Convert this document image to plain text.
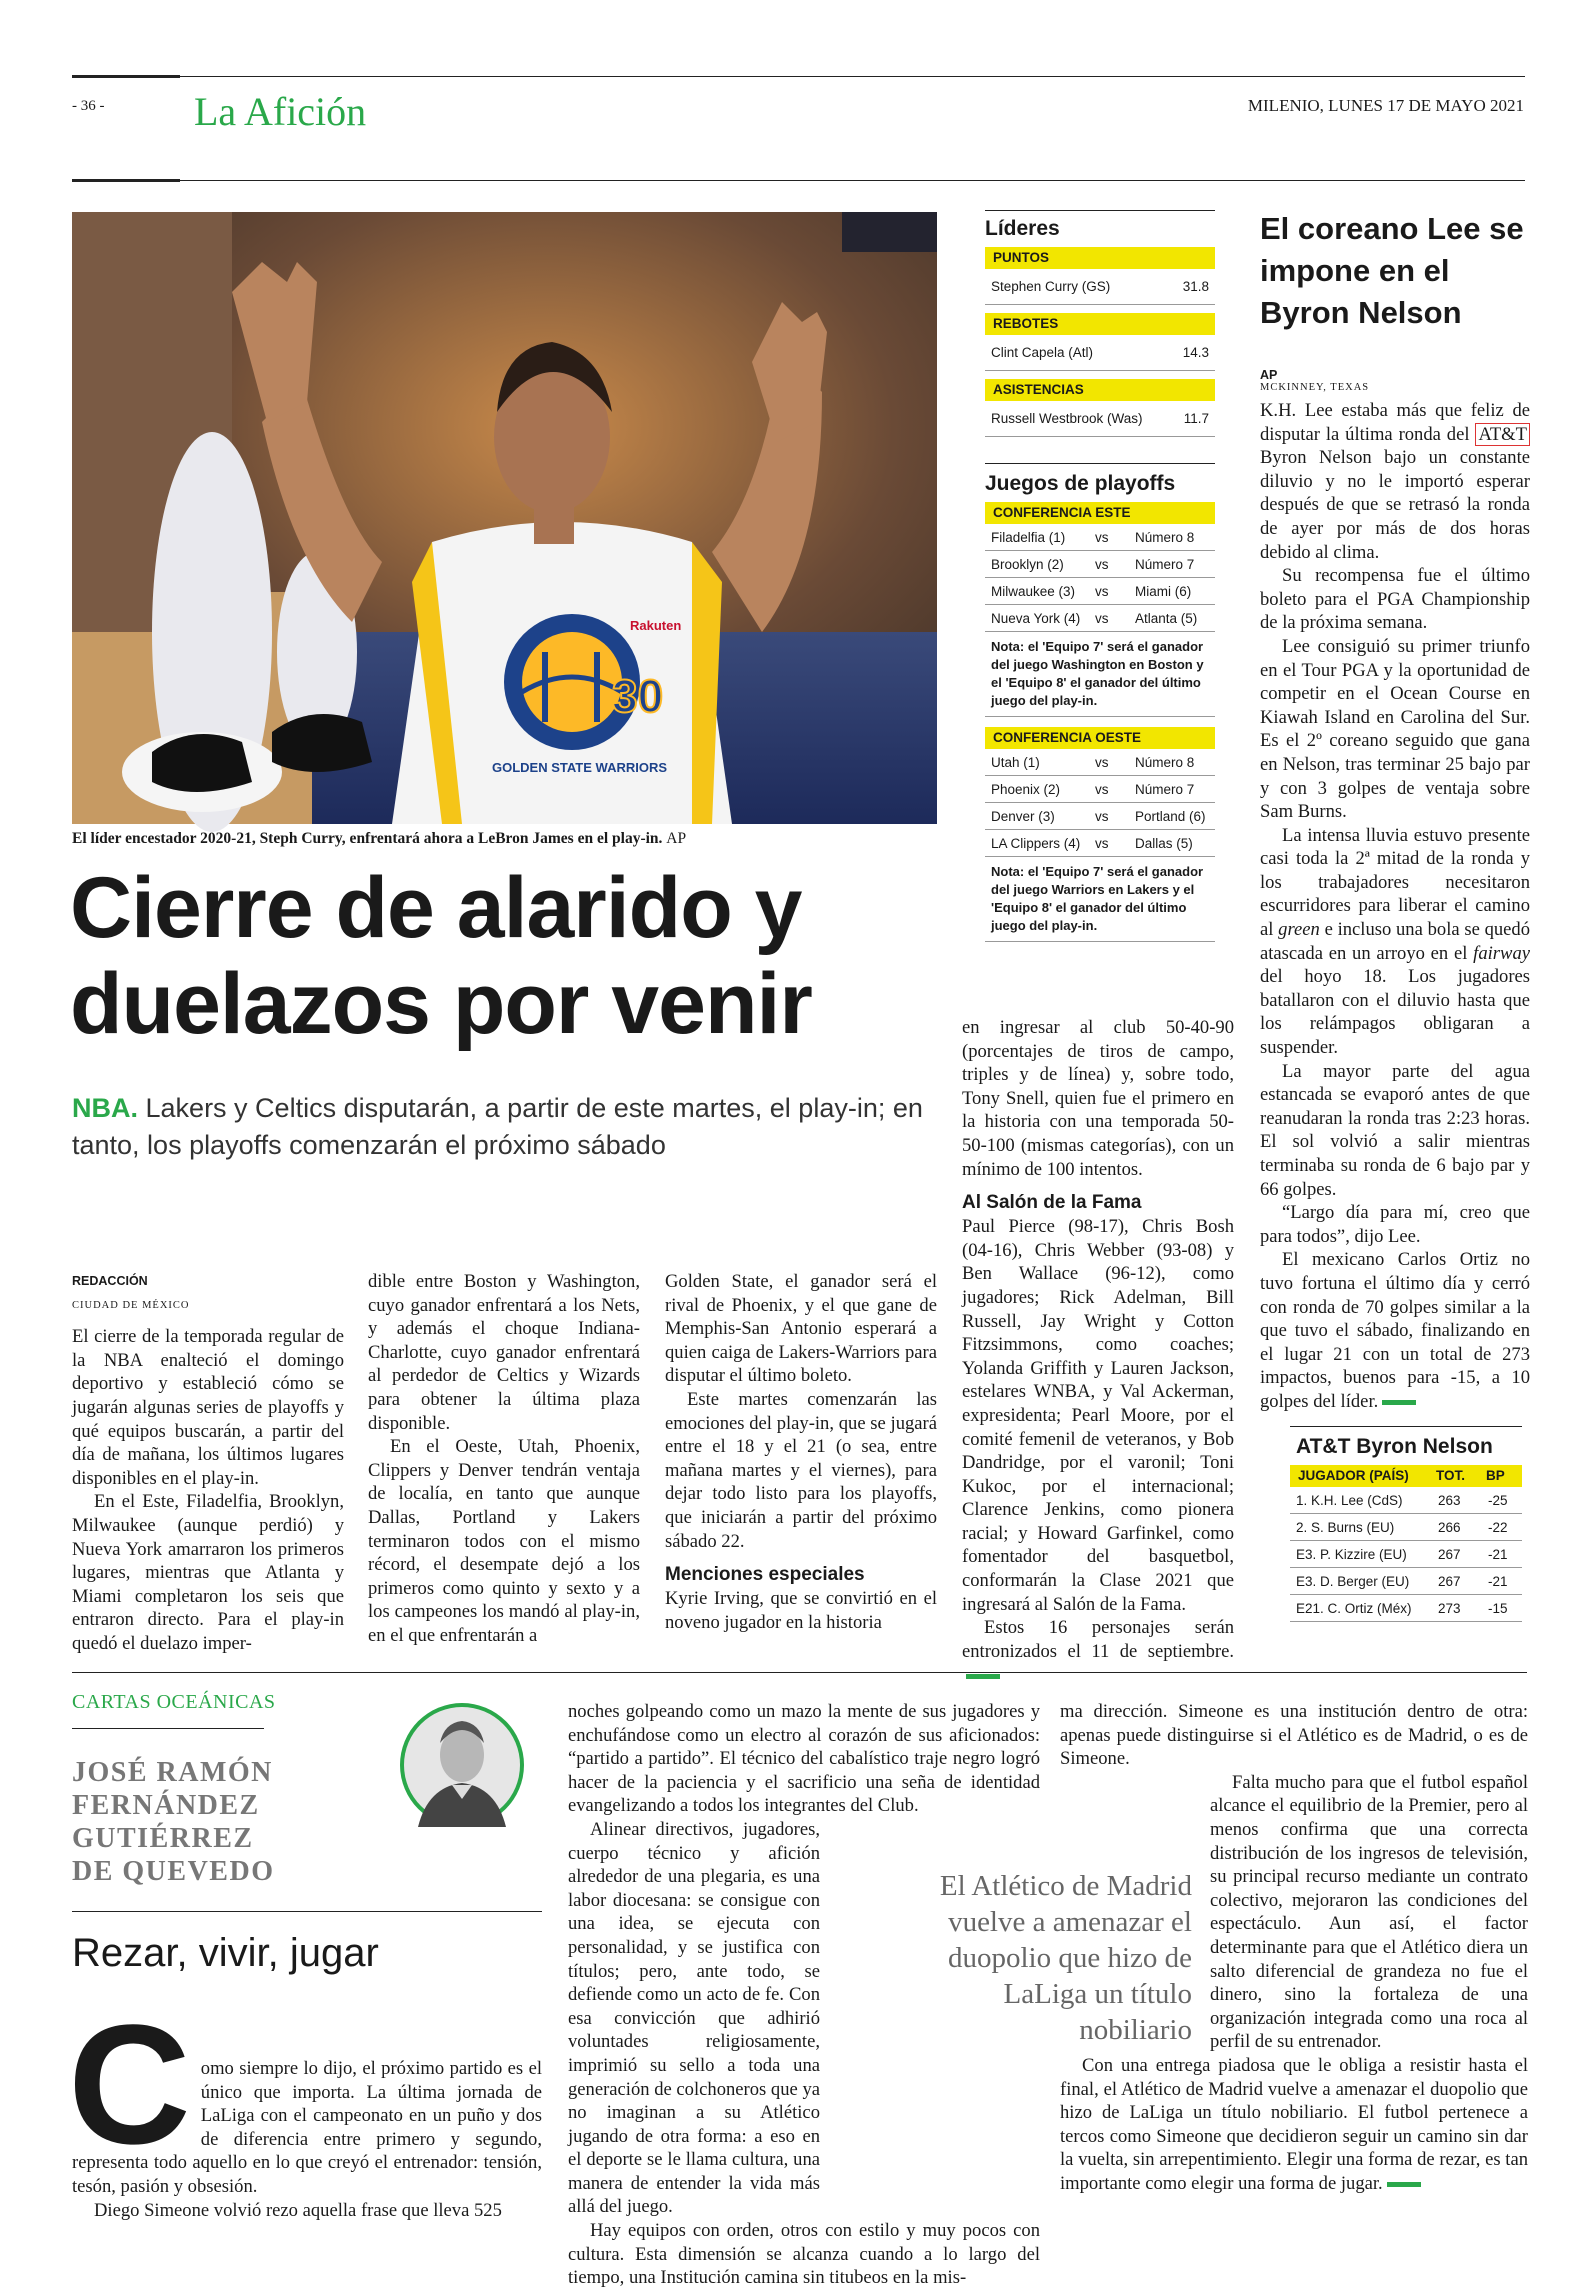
- 36 - La Afición	MILENIO, LUNES 17 DE MAYO 2021
Rakuten
30
GOLDEN STATE WARRIORS
El líder encestador 2020-21, Steph Curry, enfrentará ahora a LeBron James en el play-in. AP
Cierre de alarido y
duelazos por venir
NBA. Lakers y Celtics disputarán, a partir de este martes, el play-in; en tanto, los playoffs comenzarán el próximo sábado
REDACCIÓN
CIUDAD DE MÉXICO

El cierre de la temporada regular de la NBA enalteció el domingo deportivo y estableció cómo se jugarán algunas series de playoffs y qué equipos buscarán, a partir del día de mañana, los últimos lugares disponibles en el play-in.

En el Este, Filadelfia, Brooklyn, Milwaukee (aunque perdió) y Nueva York amarraron los primeros lugares, mientras que Atlanta y Miami completaron los seis que entraron directo. Para el play-in quedó el duelazo imper-

dible entre Boston y Washington, cuyo ganador enfrentará a los Nets, y además el choque Indiana-Charlotte, cuyo ganador enfrentará al perdedor de Celtics y Wizards para obtener la última plaza disponible.

En el Oeste, Utah, Phoenix, Clippers y Denver tendrán ventaja de localía, en tanto que aunque Dallas, Portland y Lakers terminaron todos con el mismo récord, el desempate dejó a los primeros como quinto y sexto y a los campeones los mandó al play-in, en el que enfrentarán a

Golden State, el ganador será el rival de Phoenix, y el que gane de Memphis-San Antonio esperará a quien caiga de Lakers-Warriors para disputar el último boleto.

Este martes comenzarán las emociones del play-in, que se jugará entre el 18 y el 21 (o sea, entre mañana martes y el viernes), para dejar todo listo para los playoffs, que iniciarán a partir del próximo sábado 22.

Menciones especiales

Kyrie Irving, que se convirtió en el noveno jugador en la historia

en ingresar al club 50-40-90 (porcentajes de tiros de campo, triples y de línea) y, sobre todo, Tony Snell, quien fue el primero en la historia con una temporada 50-50-100 (mismas categorías), con un mínimo de 100 intentos.

Al Salón de la Fama

Paul Pierce (98-17), Chris Bosh (04-16), Chris Webber (93-08) y Ben Wallace (96-12), como jugadores; Rick Adelman, Bill Russell, Jay Wright y Cotton Fitzsimmons, como coaches; Yolanda Griffith y Lauren Jackson, estelares WNBA, y Val Ackerman, expresidenta; Pearl Moore, por el comité femenil de veteranos, y Bob Dandridge, por el varonil; Toni Kukoc, por el internacional; Clarence Jenkins, como pionera racial; y Howard Garfinkel, como fomentador del basquetbol, conformarán la Clase 2021 que ingresará al Salón de la Fama.

Estos 16 personajes serán entronizados el 11 de septiembre.

Líderes
PUNTOS
Stephen Curry (GS)	31.8
REBOTES
Clint Capela (Atl)	14.3
ASISTENCIAS
Russell Westbrook (Was)	11.7
Juegos de playoffs
CONFERENCIA ESTE
Filadelfia (1)	vs	Número 8
Brooklyn (2)	vs	Número 7
Milwaukee (3)	vs	Miami (6)
Nueva York (4)	vs	Atlanta (5)
Nota: el 'Equipo 7' será el ganador del juego Washington en Boston y el 'Equipo 8' el ganador del último juego del play-in.
CONFERENCIA OESTE
Utah (1)	vs	Número 8
Phoenix (2)	vs	Número 7
Denver (3)	vs	Portland (6)
LA Clippers (4)	vs	Dallas (5)
Nota: el 'Equipo 7' será el ganador del juego Warriors en Lakers y el 'Equipo 8' el ganador del último juego del play-in.
El coreano Lee se impone en el Byron Nelson
AP
MCKINNEY, TEXAS

K.H. Lee estaba más que feliz de disputar la última ronda del AT&T Byron Nelson bajo un constante diluvio y no le importó esperar después de que se retrasó la ronda de ayer por más de dos horas debido al clima.

Su recompensa fue el último boleto para el PGA Championship de la próxima semana.

Lee consiguió su primer triunfo en el Tour PGA y la oportunidad de competir en el Ocean Course en Kiawah Island en Carolina del Sur. Es el 2º coreano seguido que gana en Nelson, tras terminar 25 bajo par y con 3 golpes de ventaja sobre Sam Burns.

La intensa lluvia estuvo presente casi toda la 2ª mitad de la ronda y los trabajadores necesitaron escurridores para liberar el camino al green e incluso una bola se quedó atascada en un arroyo en el fairway del hoyo 18. Los jugadores batallaron con el diluvio hasta que los relámpagos obligaran a suspender.

La mayor parte del agua estancada se evaporó antes de que reanudaran la ronda tras 2:23 horas. El sol volvió a salir mientras terminaba su ronda de 6 bajo par y 66 golpes.

“Largo día para mí, creo que para todos”, dijo Lee.

El mexicano Carlos Ortiz no tuvo fortuna el último día y cerró con ronda de 70 golpes similar a la que tuvo el sábado, finalizando en el lugar 21 con un total de 273 impactos, buenos para -15, a 10 golpes del líder.

AT&T Byron Nelson
JUGADOR (PAÍS)	TOT.	BP
1. K.H. Lee (CdS)	263	-25
2. S. Burns (EU)	266	-22
E3. P. Kizzire (EU)	267	-21
E3. D. Berger (EU)	267	-21
E21. C. Ortiz (Méx)	273	-15
CARTAS OCEÁNICAS
JOSÉ RAMÓN
FERNÁNDEZ
GUTIÉRREZ
DE QUEVEDO
Rezar, vivir, jugar
C omo siempre lo dijo, el próximo partido es el único que importa. La última jornada de LaLiga con el campeonato en un puño y dos de diferencia entre primero y segundo, representa todo aquello en lo que creyó el entrenador: tensión, tesón, pasión y obsesión.

Diego Simeone volvió rezo aquella frase que lleva 525

noches golpeando como un mazo la mente de sus jugadores y enchufándose como un electro al corazón de sus aficionados: “partido a partido”. El técnico del cabalístico traje negro logró hacer de la paciencia y el sacrificio una seña de identidad evangelizando a todos los integrantes del Club.

Alinear directivos, jugadores, cuerpo técnico y afición alrededor de una plegaria, es una labor diocesana: se consigue con una idea, se ejecuta con personalidad, y se justifica con títulos; pero, ante todo, se defiende como un acto de fe. Con esa convicción que adhirió voluntades religiosamente, imprimió su sello a toda una generación de colchoneros que ya no imaginan a su Atlético jugando de otra forma: a eso en el deporte se le llama cultura, una manera de entender la vida más allá del juego.

Hay equipos con orden, otros con estilo y muy pocos con cultura. Esta dimensión se alcanza cuando a lo largo del tiempo, una Institución camina sin titubeos en la mis-

El Atlético de Madrid vuelve a amenazar el duopolio que hizo de LaLiga un título nobiliario

ma dirección. Simeone es una institución dentro de otra: apenas puede distinguirse si el Atlético es de Madrid, o es de Simeone.

Falta mucho para que el futbol español alcance el equilibrio de la Premier, pero al menos confirma que una correcta distribución de los ingresos de televisión, su principal recurso mediante un contrato colectivo, mejoraron las condiciones del espectáculo. Aun así, el factor determinante para que el Atlético diera un salto diferencial de grandeza no fue el dinero, sino la fortaleza de una organización integrada como una roca al perfil de su entrenador.

Con una entrega piadosa que le obliga a resistir hasta el final, el Atlético de Madrid vuelve a amenazar el duopolio que hizo de LaLiga un título nobiliario. El futbol pertenece a tercos como Simeone que decidieron seguir un camino sin dar la vuelta, sin arrepentimiento. Elegir una forma de rezar, es tan importante como elegir una forma de jugar.
